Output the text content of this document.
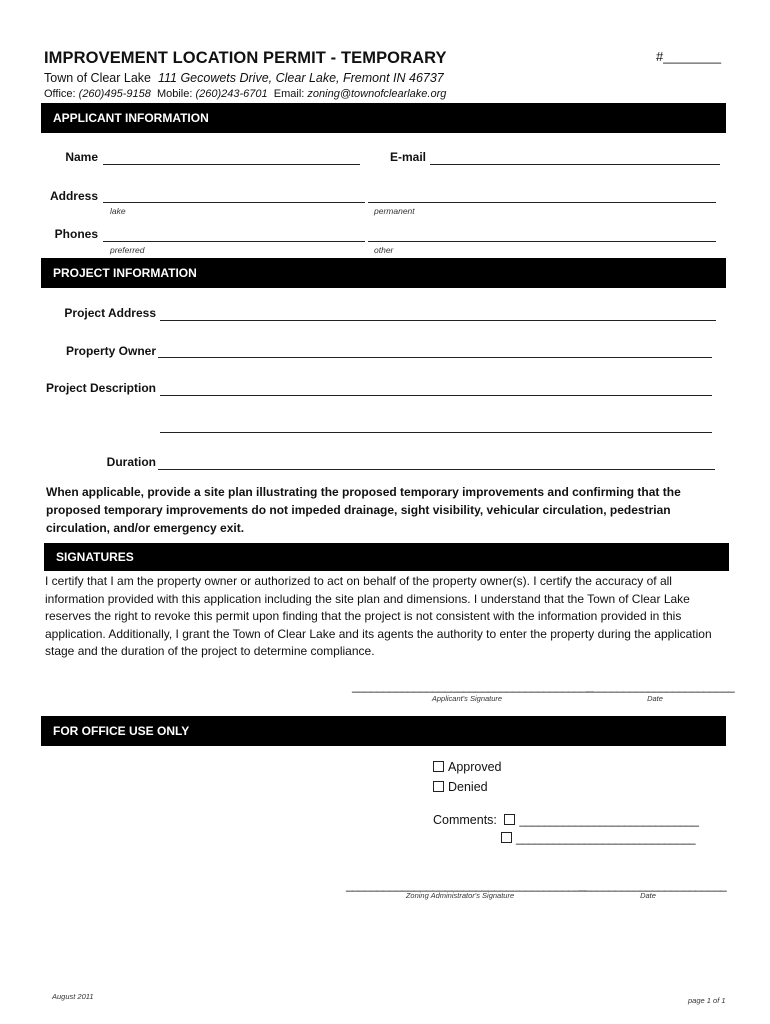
IMPROVEMENT LOCATION PERMIT - TEMPORARY	#________
Town of Clear Lake 111 Gecowets Drive, Clear Lake, Fremont IN 46737
Office: (260)495-9158 Mobile: (260)243-6701 Email: zoning@townofclearlake.org
APPLICANT INFORMATION
Name	E-mail
Address
lake	permanent
Phones
preferred	other
PROJECT INFORMATION
Project Address
Property Owner
Project Description
Duration
When applicable, provide a site plan illustrating the proposed temporary improvements and confirming that the proposed temporary improvements do not impeded drainage, sight visibility, vehicular circulation, pedestrian circulation, and/or emergency exit.
SIGNATURES
I certify that I am the property owner or authorized to act on behalf of the property owner(s). I certify the accuracy of all information provided with this application including the site plan and dimensions. I understand that the Town of Clear Lake reserves the right to revoke this permit upon finding that the project is not consistent with the information provided in this application. Additionally, I grant the Town of Clear Lake and its agents the authority to enter the property during the application stage and the duration of the project to determine compliance.
_______________________________________
________________________
Applicant's Signature	Date
FOR OFFICE USE ONLY
Approved
Denied
Comments: _____________________________
_____________________________
_______________________________________
________________________
Zoning Administrator's Signature	Date
August 2011	page 1 of 1
